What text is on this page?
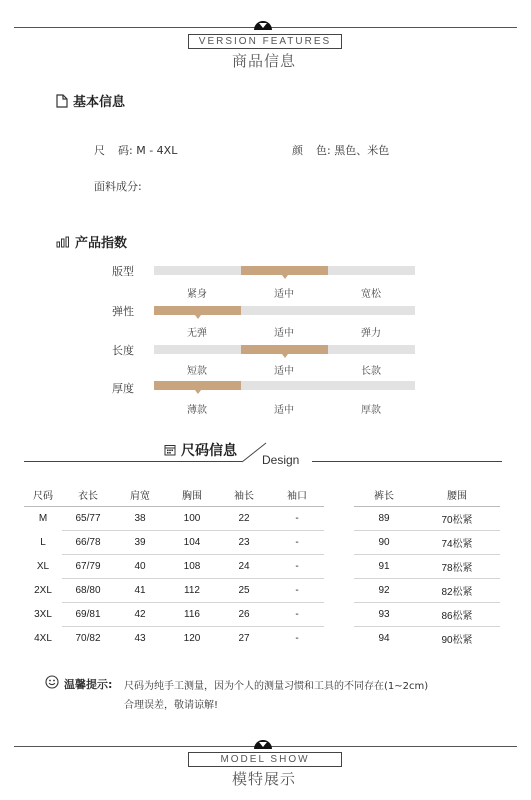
VERSION FEATURES
商品信息
基本信息
尺码: M - 4XL	颜色: 黑色、米色
面料成分:
产品指数
版型
紧身	适中	宽松
弹性
无弹	适中	弹力
长度
短款	适中	长款
厚度
薄款	适中	厚款
尺码信息
Design
尺码	衣长	肩宽	胸围	袖长	袖口		裤长	腰围
M	65/77	38	100	22	-		89	70松紧
L	66/78	39	104	23	-		90	74松紧
XL	67/79	40	108	24	-		91	78松紧
2XL	68/80	41	112	25	-		92	82松紧
3XL	69/81	42	116	26	-		93	86松紧
4XL	70/82	43	120	27	-		94	90松紧
温馨提示: 尺码为纯手工测量，因为个人的测量习惯和工具的不同存在(1~2cm)
合理误差，敬请谅解!
MODEL SHOW
模特展示
